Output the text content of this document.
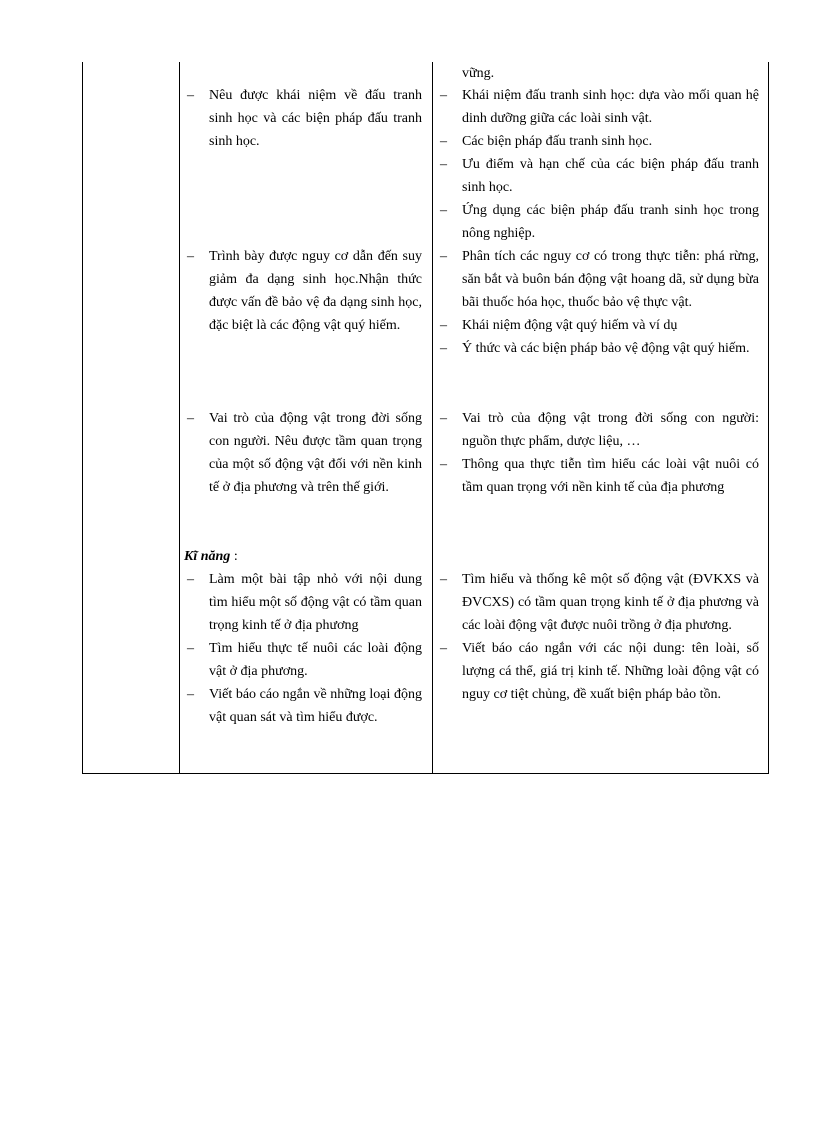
– Nêu được khái niệm về đấu tranh sinh học và các biện pháp đấu tranh sinh học.
– Trình bày được nguy cơ dẫn đến suy giảm đa dạng sinh học.Nhận thức được vấn đề bảo vệ đa dạng sinh học, đặc biệt là các động vật quý hiếm.
– Vai trò của động vật trong đời sống con người. Nêu được tầm quan trọng của một số động vật đối với nền kinh tế ở địa phương và trên thế giới.
Kĩ năng :
– Làm một bài tập nhỏ với nội dung tìm hiểu một số động vật có tầm quan trọng kinh tế ở địa phương
– Tìm hiểu thực tế nuôi các loài động vật ở địa phương.
– Viết báo cáo ngắn về những loại động vật quan sát và tìm hiểu được.
vững.
– Khái niệm đấu tranh sinh học: dựa vào mối quan hệ dinh dưỡng giữa các loài sinh vật.
– Các biện pháp đấu tranh sinh học.
– Ưu điểm và hạn chế của các biện pháp đấu tranh sinh học.
– Ứng dụng các biện pháp đấu tranh sinh học trong nông nghiệp.
– Phân tích các nguy cơ có trong thực tiễn: phá rừng, săn bắt và buôn bán động vật hoang dã, sử dụng bừa bãi thuốc hóa học, thuốc bảo vệ thực vật.
– Khái niệm động vật quý hiếm và ví dụ
– Ý thức và các biện pháp bảo vệ động vật quý hiếm.
– Vai trò của động vật trong đời sống con người: nguồn thực phẩm, dược liệu, …
– Thông qua thực tiễn tìm hiểu các loài vật nuôi có tầm quan trọng với nền kinh tế của địa phương
– Tìm hiểu và thống kê một số động vật (ĐVKXS và ĐVCXS) có tầm quan trọng kinh tế ở địa phương và các loài động vật được nuôi trồng ở địa phương.
– Viết báo cáo ngắn với các nội dung: tên loài, số lượng cá thể, giá trị kinh tế. Những loài động vật có nguy cơ tiệt chủng, đề xuất biện pháp bảo tồn.
